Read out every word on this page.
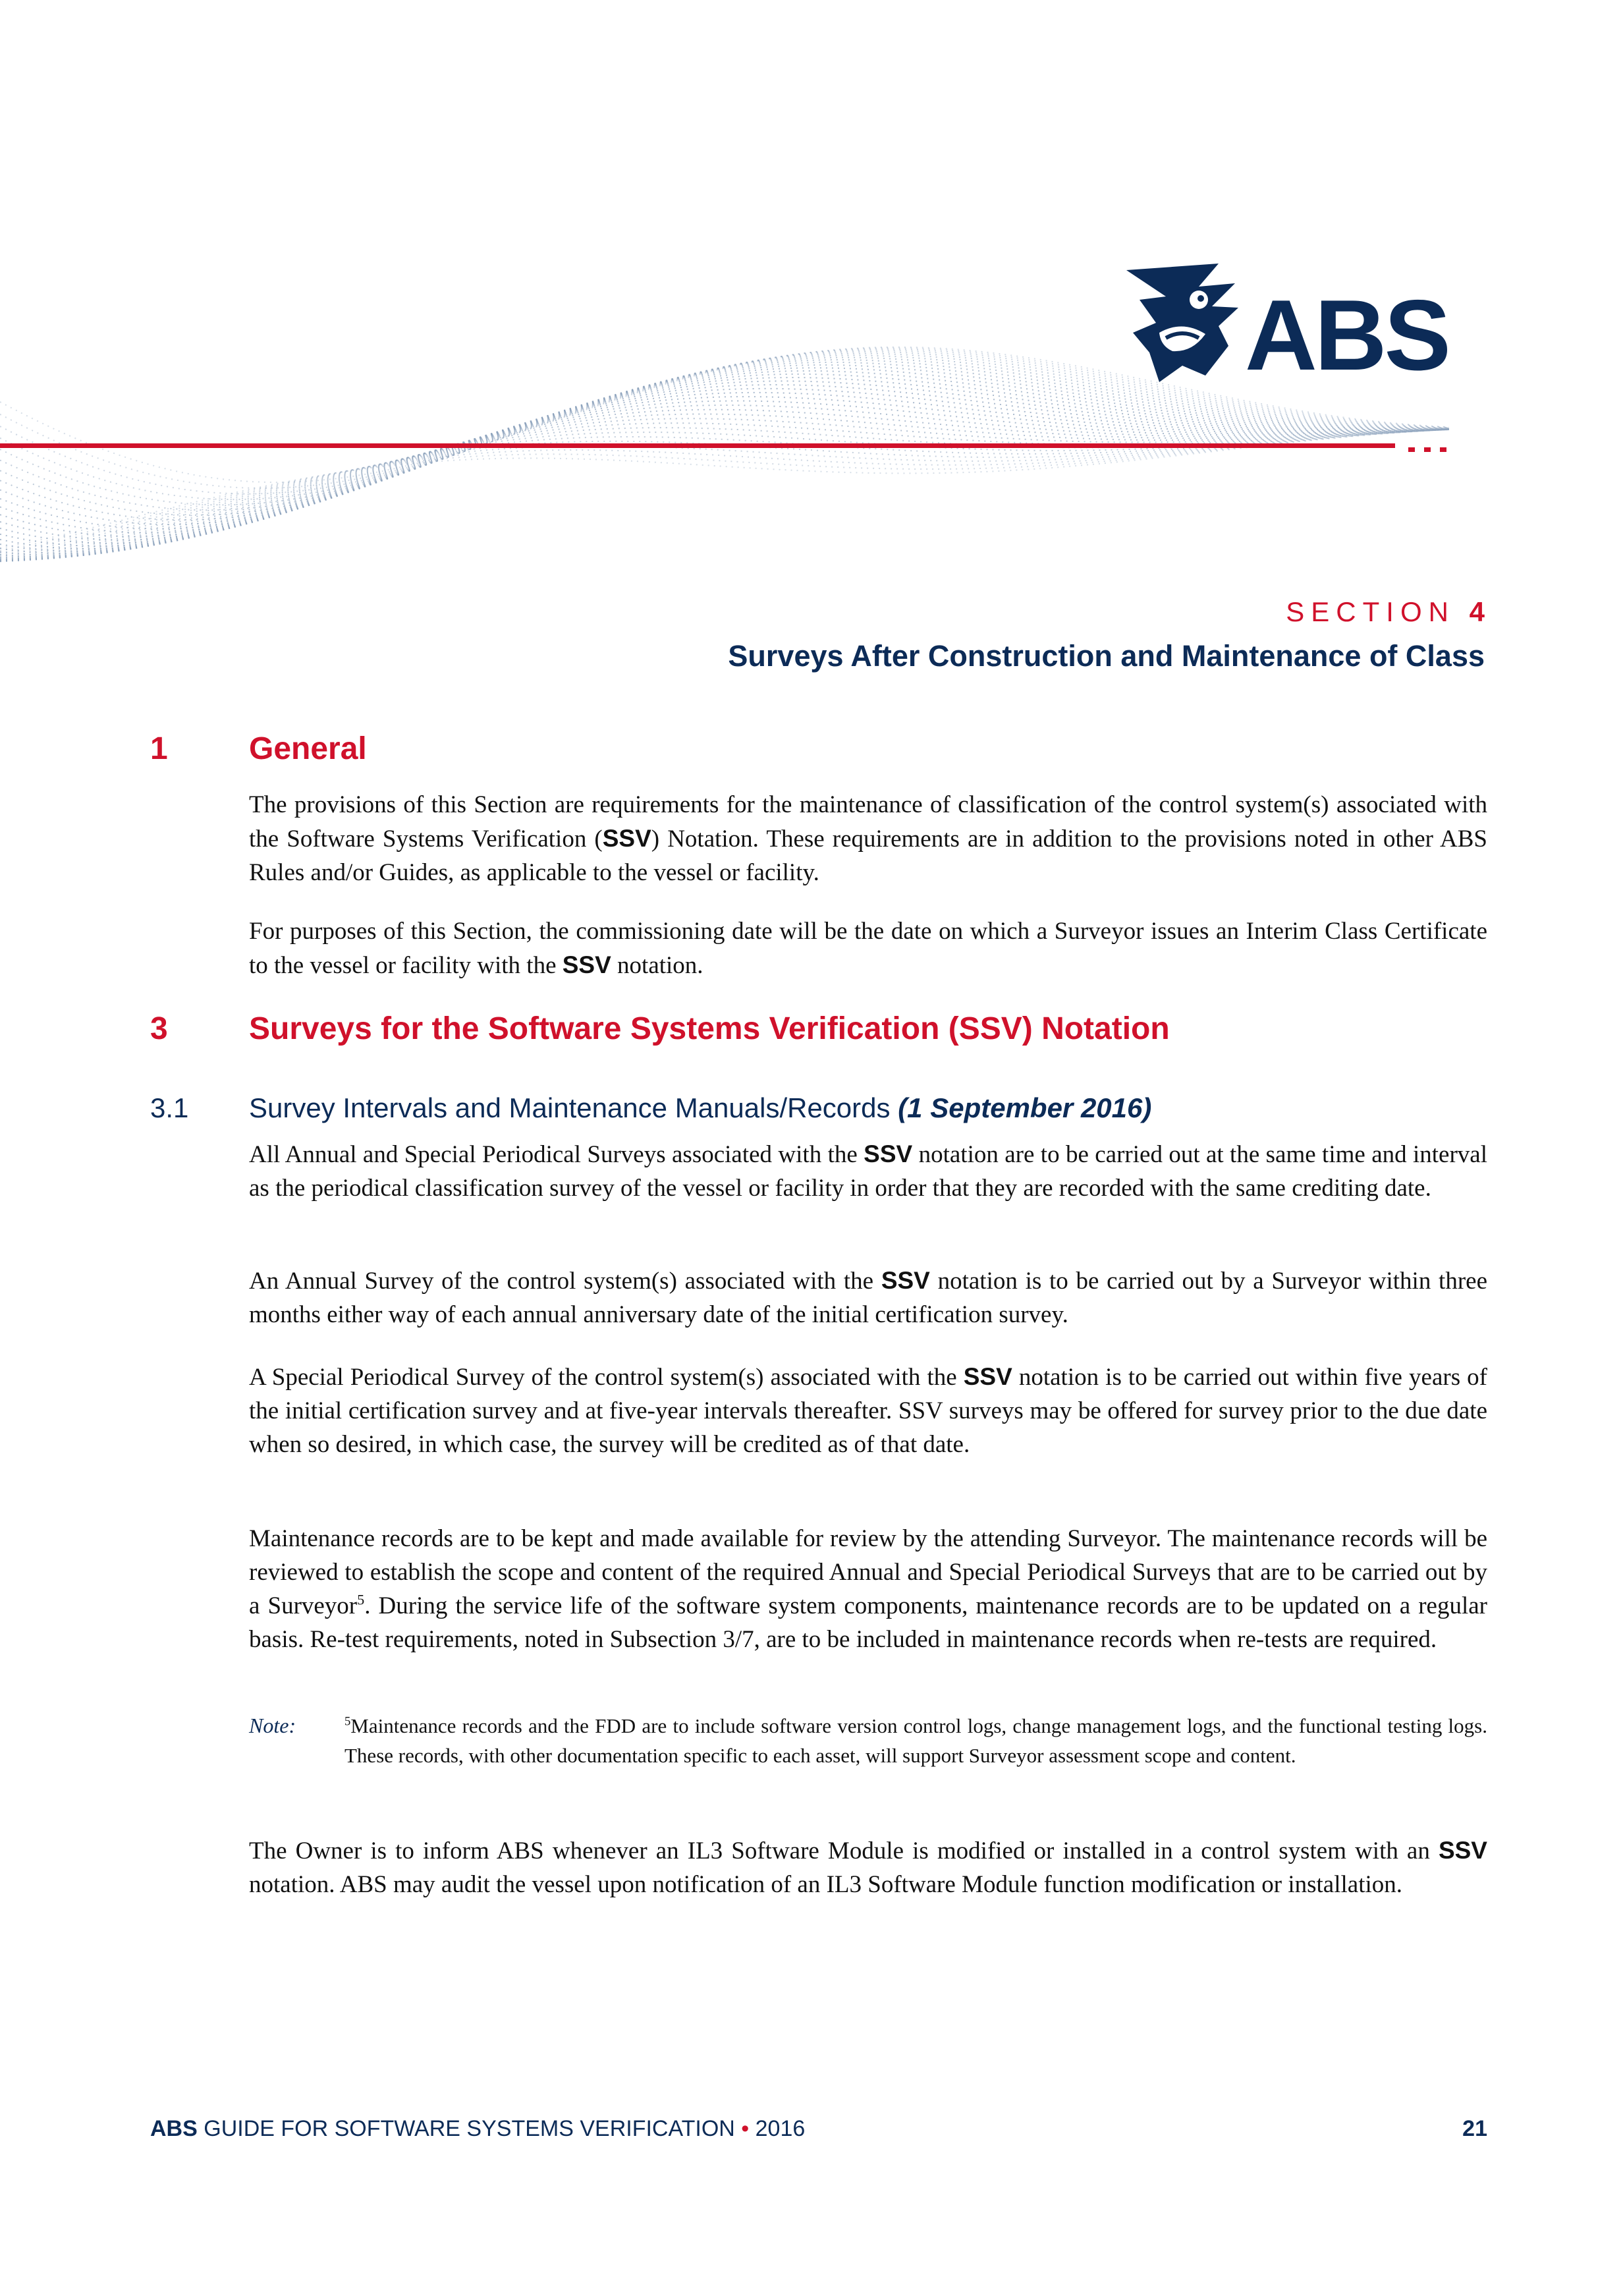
ABS
SECTION 4
Surveys After Construction and Maintenance of Class
1	General

The provisions of this Section are requirements for the maintenance of classification of the control system(s) associated with the Software Systems Verification (SSV) Notation. These requirements are in addition to the provisions noted in other ABS Rules and/or Guides, as applicable to the vessel or facility.

For purposes of this Section, the commissioning date will be the date on which a Surveyor issues an Interim Class Certificate to the vessel or facility with the SSV notation.

3	Surveys for the Software Systems Verification (SSV) Notation
3.1 Survey Intervals and Maintenance Manuals/Records (1 September 2016)

All Annual and Special Periodical Surveys associated with the SSV notation are to be carried out at the same time and interval as the periodical classification survey of the vessel or facility in order that they are recorded with the same crediting date.

An Annual Survey of the control system(s) associated with the SSV notation is to be carried out by a Surveyor within three months either way of each annual anniversary date of the initial certification survey.

A Special Periodical Survey of the control system(s) associated with the SSV notation is to be carried out within five years of the initial certification survey and at five-year intervals thereafter. SSV surveys may be offered for survey prior to the due date when so desired, in which case, the survey will be credited as of that date.

Maintenance records are to be kept and made available for review by the attending Surveyor. The maintenance records will be reviewed to establish the scope and content of the required Annual and Special Periodical Surveys that are to be carried out by a Surveyor$^5$. During the service life of the software system components, maintenance records are to be updated on a regular basis. Re-test requirements, noted in Subsection 3/7, are to be included in maintenance records when re-tests are required.

Note:	$^5$Maintenance records and the FDD are to include software version control logs, change management logs, and the functional testing logs. These records, with other documentation specific to each asset, will support Surveyor assessment scope and content.

The Owner is to inform ABS whenever an IL3 Software Module is modified or installed in a control system with an SSV notation. ABS may audit the vessel upon notification of an IL3 Software Module function modification or installation.

ABS GUIDE FOR SOFTWARE SYSTEMS VERIFICATION • 2016	21
